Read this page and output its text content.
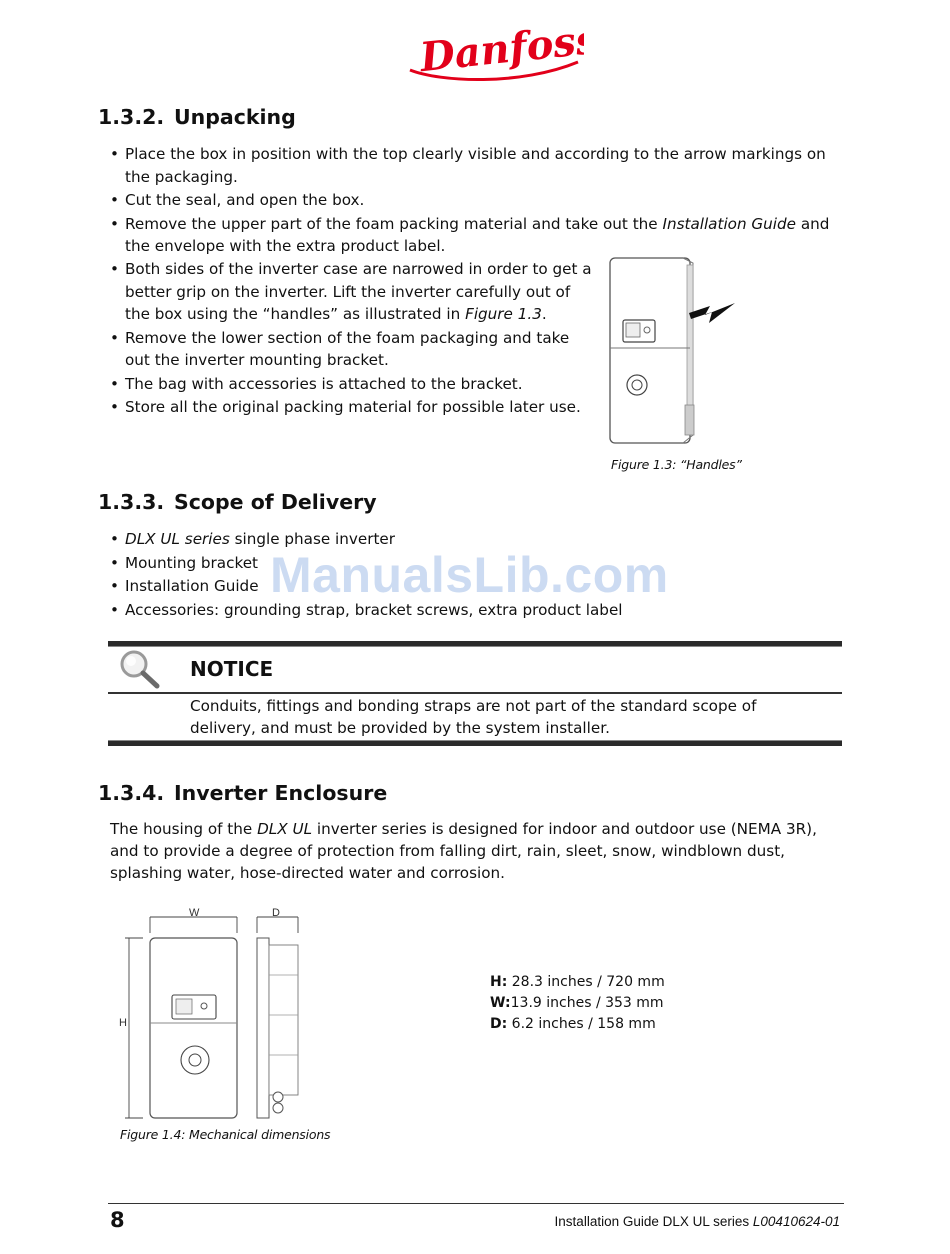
Danfoss
1.3.2. Unpacking
• Place the box in position with the top clearly visible and according to the arrow markings on the packaging.
• Cut the seal, and open the box.
• Remove the upper part of the foam packing material and take out the Installation Guide and the envelope with the extra product label.
• Both sides of the inverter case are narrowed in order to get a better grip on the inverter. Lift the inverter carefully out of the box using the “handles” as illustrated in Figure 1.3.
• Remove the lower section of the foam packaging and take out the inverter mounting bracket.
• The bag with accessories is attached to the bracket.
• Store all the original packing material for possible later use.
Figure 1.3: “Handles”
1.3.3. Scope of Delivery
• DLX UL series single phase inverter
• Mounting bracket
• Installation Guide
• Accessories: grounding strap, bracket screws, extra product label
ManualsLib.com
NOTICE
Conduits, fittings and bonding straps are not part of the standard scope of delivery, and must be provided by the system installer.
1.3.4. Inverter Enclosure
The housing of the DLX UL inverter series is designed for indoor and outdoor use (NEMA 3R), and to provide a degree of protection from falling dirt, rain, sleet, snow, windblown dust, splashing water, hose-directed water and corrosion.
W	D
H
Figure 1.4: Mechanical dimensions
H: 28.3 inches / 720 mm
W:13.9 inches / 353 mm
D: 6.2 inches / 158 mm
8	Installation Guide DLX UL series L00410624-01
